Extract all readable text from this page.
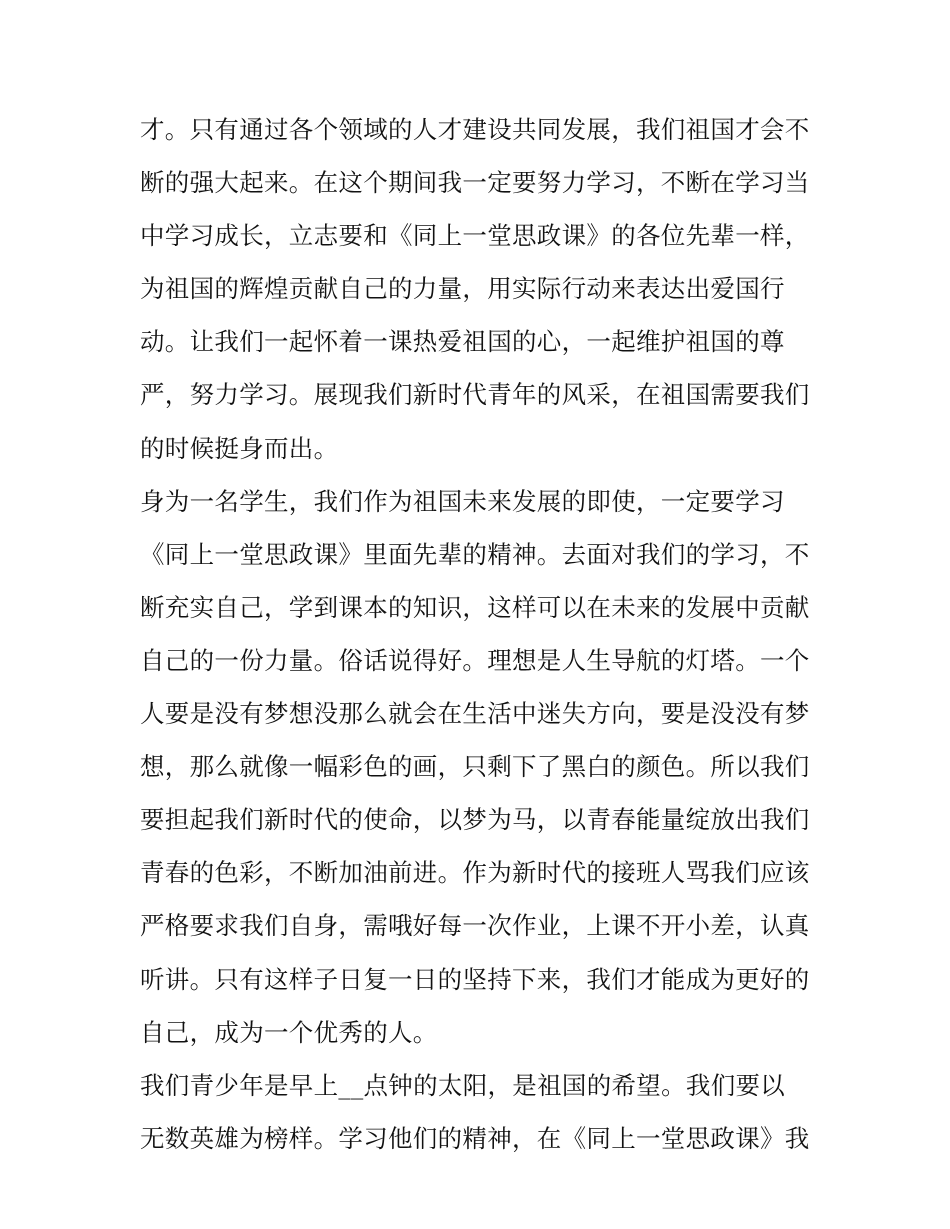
才。只有通过各个领域的人才建设共同发展，我们祖国才会不
断的强大起来。在这个期间我一定要努力学习，不断在学习当
中学习成长，立志要和《同上一堂思政课》的各位先辈一样，
为祖国的辉煌贡献自己的力量，用实际行动来表达出爱国行
动。让我们一起怀着一课热爱祖国的心，一起维护祖国的尊
严，努力学习。展现我们新时代青年的风采，在祖国需要我们
的时候挺身而出。
身为一名学生，我们作为祖国未来发展的即使，一定要学习
《同上一堂思政课》里面先辈的精神。去面对我们的学习，不
断充实自己，学到课本的知识，这样可以在未来的发展中贡献
自己的一份力量。俗话说得好。理想是人生导航的灯塔。一个
人要是没有梦想没那么就会在生活中迷失方向，要是没没有梦
想，那么就像一幅彩色的画，只剩下了黑白的颜色。所以我们
要担起我们新时代的使命，以梦为马，以青春能量绽放出我们
青春的色彩，不断加油前进。作为新时代的接班人骂我们应该
严格要求我们自身，需哦好每一次作业，上课不开小差，认真
听讲。只有这样子日复一日的坚持下来，我们才能成为更好的
自己，成为一个优秀的人。
我们青少年是早上__点钟的太阳，是祖国的希望。我们要以
无数英雄为榜样。学习他们的精神，在《同上一堂思政课》我
